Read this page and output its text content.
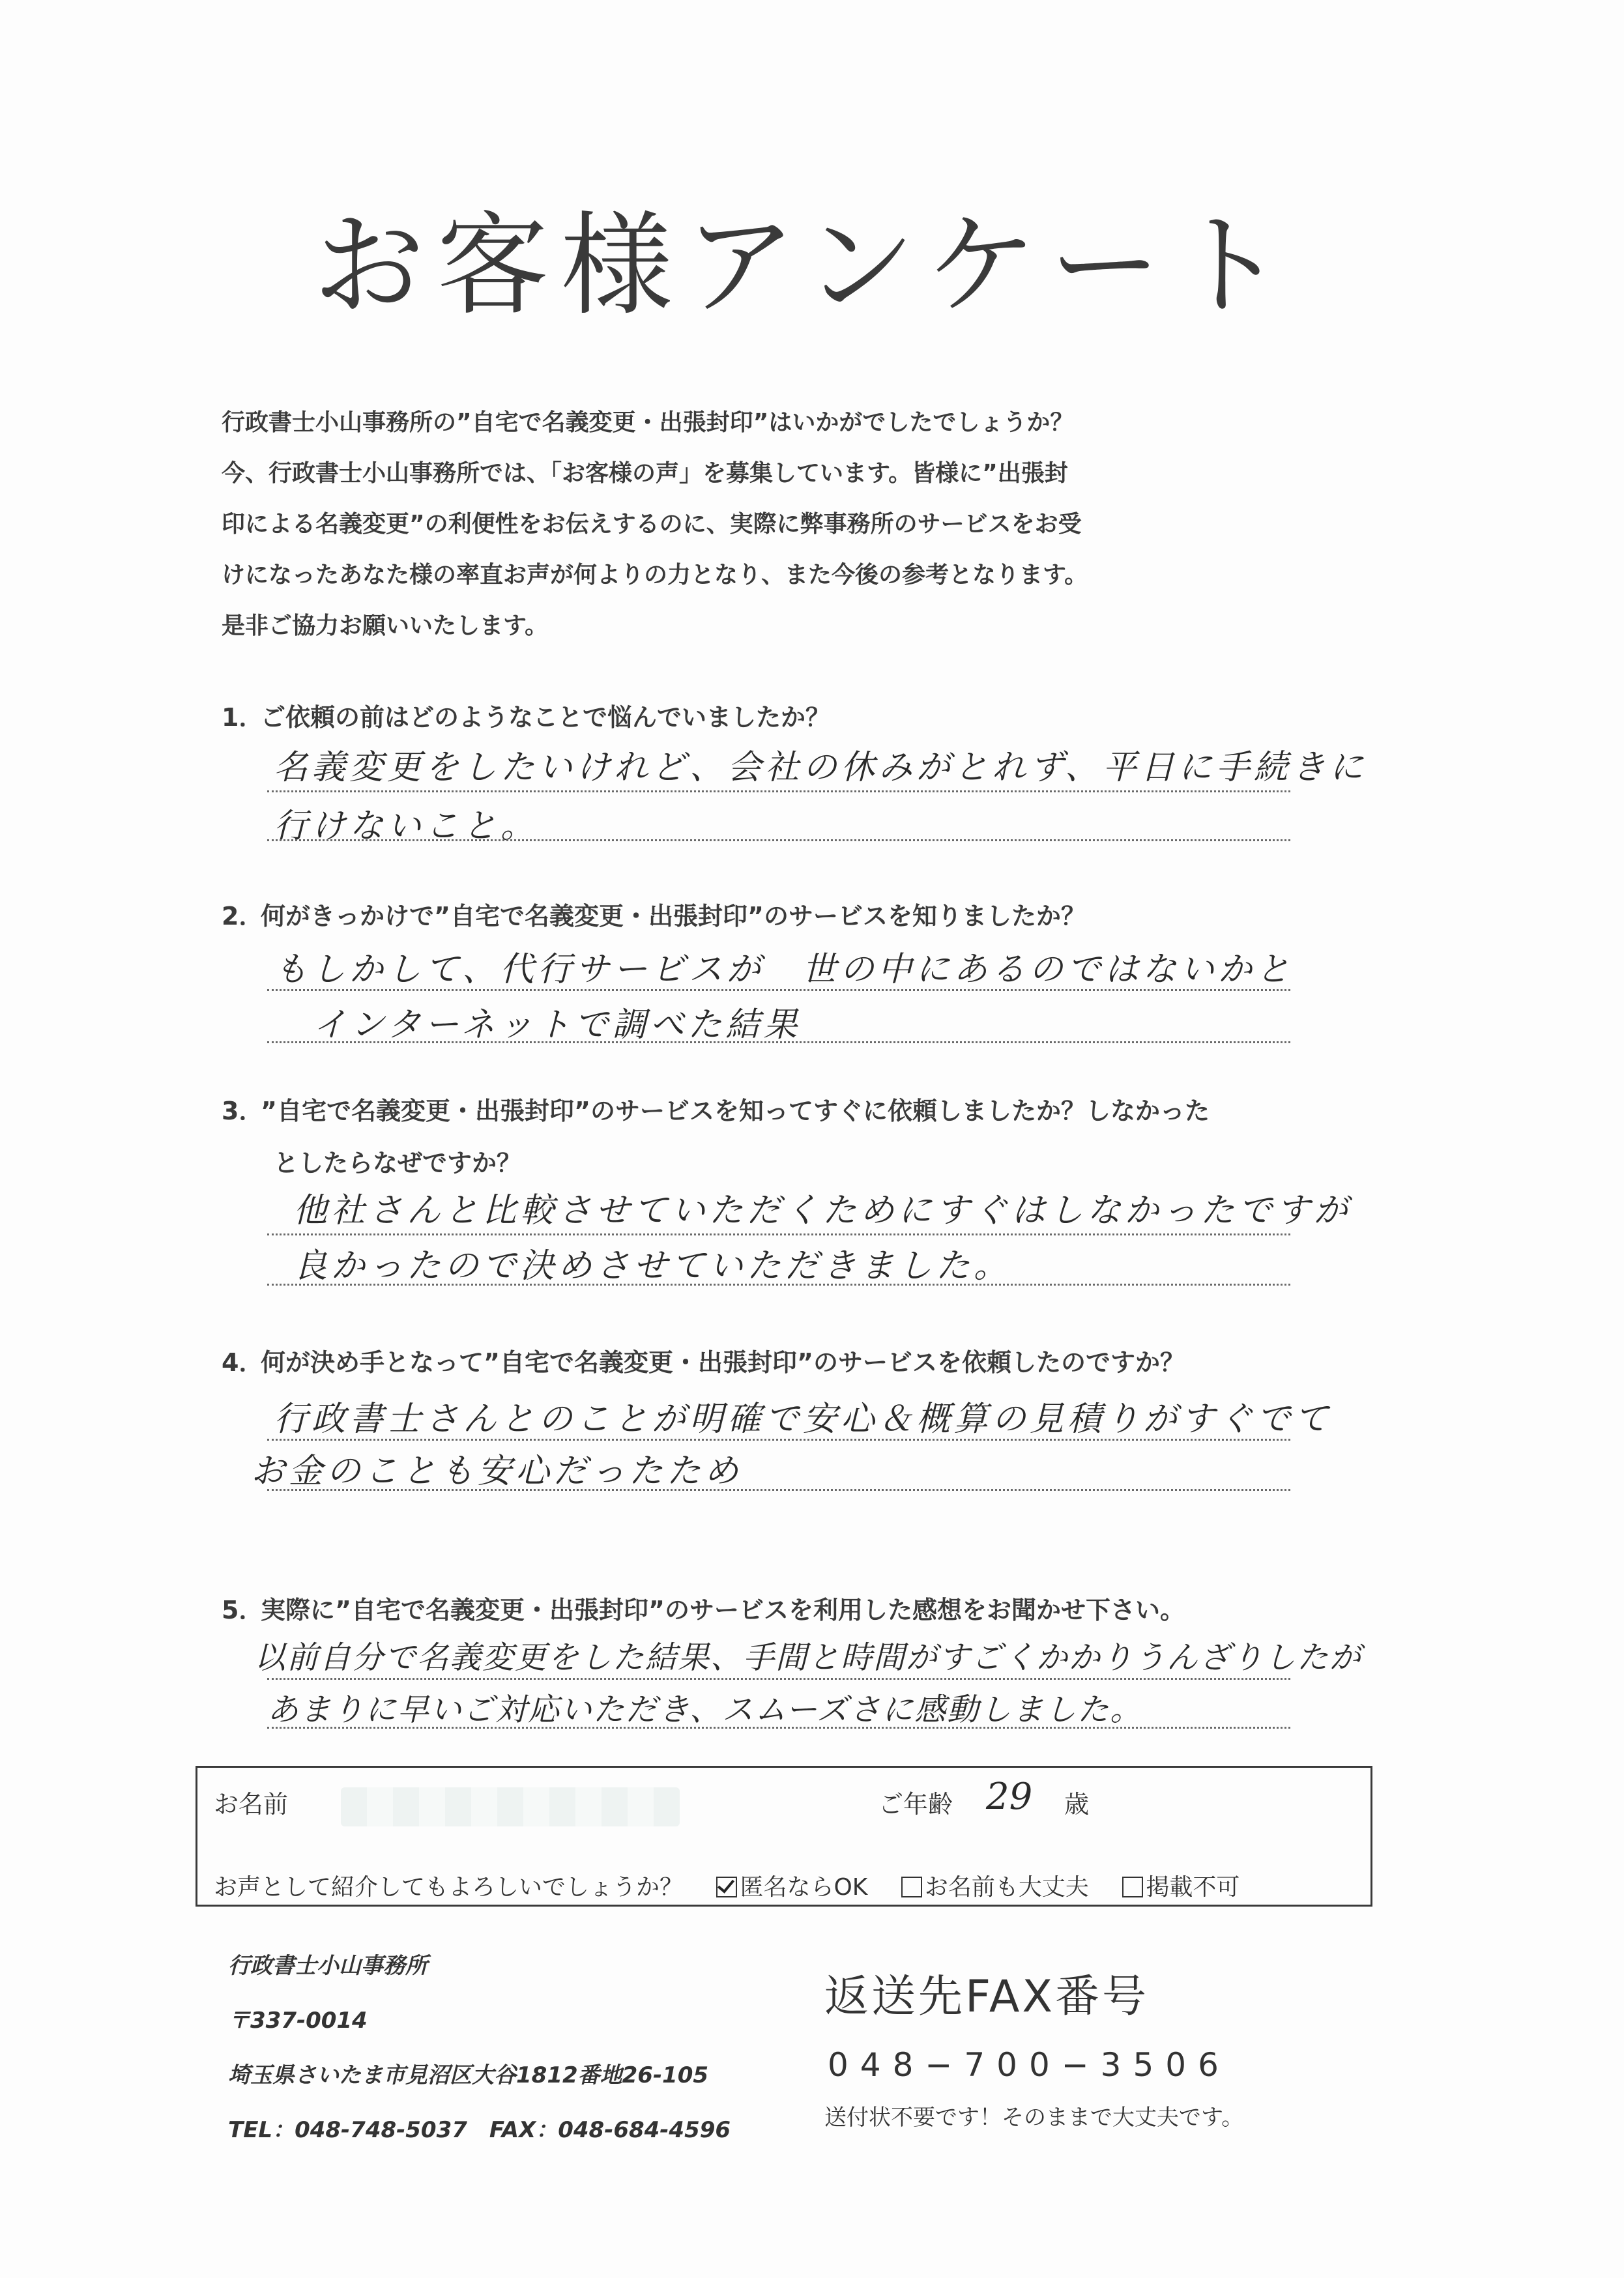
お客様アンケート
行政書士小山事務所の”自宅で名義変更・出張封印”はいかがでしたでしょうか？
今、行政書士小山事務所では、「お客様の声」を募集しています。皆様に”出張封
印による名義変更”の利便性をお伝えするのに、実際に弊事務所のサービスをお受
けになったあなた様の率直お声が何よりの力となり、また今後の参考となります。
是非ご協力お願いいたします。
1．ご依頼の前はどのようなことで悩んでいましたか？
名義変更をしたいけれど、会社の休みがとれず、平日に手続きに
行けないこと。
2．何がきっかけで”自宅で名義変更・出張封印”のサービスを知りましたか？
もしかして、代行サービスが　世の中にあるのではないかと
インターネットで調べた結果
3．”自宅で名義変更・出張封印”のサービスを知ってすぐに依頼しましたか？しなかった
としたらなぜですか？
他社さんと比較させていただくためにすぐはしなかったですが
良かったので決めさせていただきました。
4．何が決め手となって”自宅で名義変更・出張封印”のサービスを依頼したのですか？
行政書士さんとのことが明確で安心＆概算の見積りがすぐでて
お金のことも安心だったため
5．実際に”自宅で名義変更・出張封印”のサービスを利用した感想をお聞かせ下さい。
以前自分で名義変更をした結果、手間と時間がすごくかかりうんざりしたが
あまりに早いご対応いただき、スムーズさに感動しました。
お名前	ご年齢 29 歳
お声として紹介してもよろしいでしょうか？ 匿名ならOK お名前も大丈夫 掲載不可
行政書士小山事務所
〒337-0014
埼玉県さいたま市見沼区大谷1812番地26-105
TEL：048-748-5037　FAX：048-684-4596
返送先FAX番号
048−700−3506
送付状不要です！そのままで大丈夫です。
